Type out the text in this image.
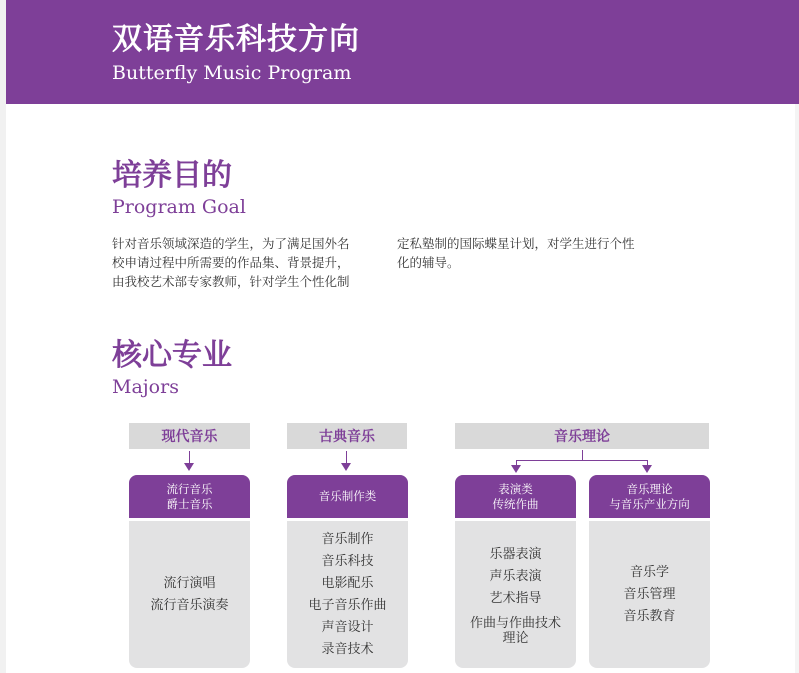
双语音乐科技方向
Butterfly Music Program
培养目的
Program Goal
针对音乐领域深造的学生，为了满足国外名
校申请过程中所需要的作品集、背景提升，
由我校艺术部专家教师，针对学生个性化制
定私塾制的国际蝶星计划，对学生进行个性
化的辅导。
核心专业
Majors
现代音乐	古典音乐	音乐理论
流行音乐
爵士音乐
流行演唱
流行音乐演奏
音乐制作类
音乐制作
音乐科技
电影配乐
电子音乐作曲
声音设计
录音技术
表演类
传统作曲
乐器表演
声乐表演
艺术指导
作曲与作曲技术 理论
音乐理论
与音乐产业方向
音乐学
音乐管理
音乐教育
